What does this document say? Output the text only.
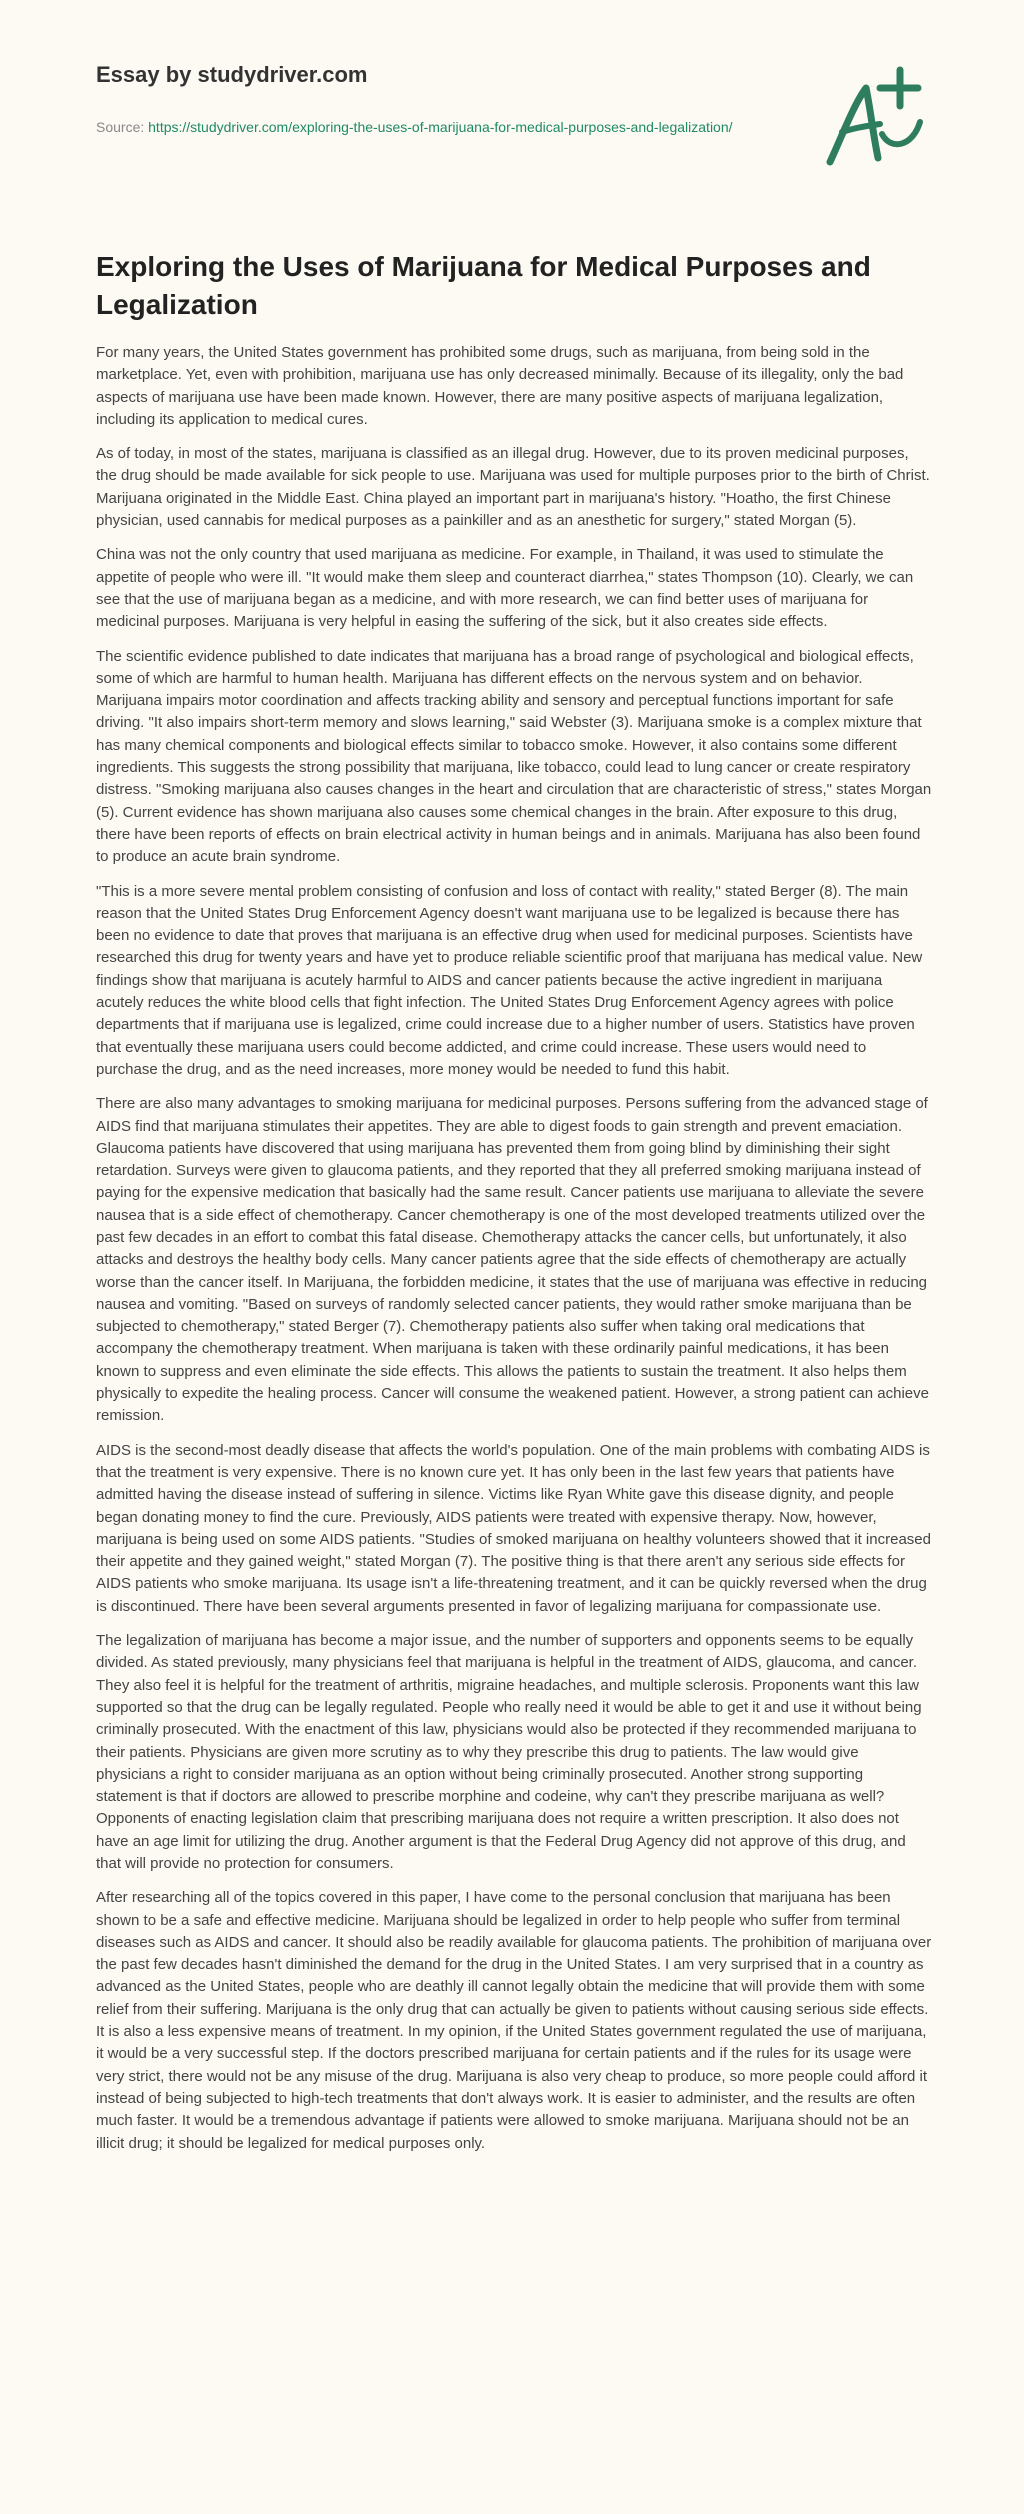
Essay by studydriver.com
Source: https://studydriver.com/exploring-the-uses-of-marijuana-for-medical-purposes-and-legalization/
Exploring the Uses of Marijuana for Medical Purposes and Legalization

For many years, the United States government has prohibited some drugs, such as marijuana, from being sold in the marketplace. Yet, even with prohibition, marijuana use has only decreased minimally. Because of its illegality, only the bad aspects of marijuana use have been made known. However, there are many positive aspects of marijuana legalization, including its application to medical cures.

As of today, in most of the states, marijuana is classified as an illegal drug. However, due to its proven medicinal purposes, the drug should be made available for sick people to use. Marijuana was used for multiple purposes prior to the birth of Christ. Marijuana originated in the Middle East. China played an important part in marijuana's history. "Hoatho, the first Chinese physician, used cannabis for medical purposes as a painkiller and as an anesthetic for surgery," stated Morgan (5).

China was not the only country that used marijuana as medicine. For example, in Thailand, it was used to stimulate the appetite of people who were ill. "It would make them sleep and counteract diarrhea," states Thompson (10). Clearly, we can see that the use of marijuana began as a medicine, and with more research, we can find better uses of marijuana for medicinal purposes. Marijuana is very helpful in easing the suffering of the sick, but it also creates side effects.

The scientific evidence published to date indicates that marijuana has a broad range of psychological and biological effects, some of which are harmful to human health. Marijuana has different effects on the nervous system and on behavior. Marijuana impairs motor coordination and affects tracking ability and sensory and perceptual functions important for safe driving. "It also impairs short-term memory and slows learning," said Webster (3). Marijuana smoke is a complex mixture that has many chemical components and biological effects similar to tobacco smoke. However, it also contains some different ingredients. This suggests the strong possibility that marijuana, like tobacco, could lead to lung cancer or create respiratory distress. "Smoking marijuana also causes changes in the heart and circulation that are characteristic of stress," states Morgan (5). Current evidence has shown marijuana also causes some chemical changes in the brain. After exposure to this drug, there have been reports of effects on brain electrical activity in human beings and in animals. Marijuana has also been found to produce an acute brain syndrome.

"This is a more severe mental problem consisting of confusion and loss of contact with reality," stated Berger (8). The main reason that the United States Drug Enforcement Agency doesn't want marijuana use to be legalized is because there has been no evidence to date that proves that marijuana is an effective drug when used for medicinal purposes. Scientists have researched this drug for twenty years and have yet to produce reliable scientific proof that marijuana has medical value. New findings show that marijuana is acutely harmful to AIDS and cancer patients because the active ingredient in marijuana acutely reduces the white blood cells that fight infection. The United States Drug Enforcement Agency agrees with police departments that if marijuana use is legalized, crime could increase due to a higher number of users. Statistics have proven that eventually these marijuana users could become addicted, and crime could increase. These users would need to purchase the drug, and as the need increases, more money would be needed to fund this habit.

There are also many advantages to smoking marijuana for medicinal purposes. Persons suffering from the advanced stage of AIDS find that marijuana stimulates their appetites. They are able to digest foods to gain strength and prevent emaciation. Glaucoma patients have discovered that using marijuana has prevented them from going blind by diminishing their sight retardation. Surveys were given to glaucoma patients, and they reported that they all preferred smoking marijuana instead of paying for the expensive medication that basically had the same result. Cancer patients use marijuana to alleviate the severe nausea that is a side effect of chemotherapy. Cancer chemotherapy is one of the most developed treatments utilized over the past few decades in an effort to combat this fatal disease. Chemotherapy attacks the cancer cells, but unfortunately, it also attacks and destroys the healthy body cells. Many cancer patients agree that the side effects of chemotherapy are actually worse than the cancer itself. In Marijuana, the forbidden medicine, it states that the use of marijuana was effective in reducing nausea and vomiting. "Based on surveys of randomly selected cancer patients, they would rather smoke marijuana than be subjected to chemotherapy," stated Berger (7). Chemotherapy patients also suffer when taking oral medications that accompany the chemotherapy treatment. When marijuana is taken with these ordinarily painful medications, it has been known to suppress and even eliminate the side effects. This allows the patients to sustain the treatment. It also helps them physically to expedite the healing process. Cancer will consume the weakened patient. However, a strong patient can achieve remission.

AIDS is the second-most deadly disease that affects the world's population. One of the main problems with combating AIDS is that the treatment is very expensive. There is no known cure yet. It has only been in the last few years that patients have admitted having the disease instead of suffering in silence. Victims like Ryan White gave this disease dignity, and people began donating money to find the cure. Previously, AIDS patients were treated with expensive therapy. Now, however, marijuana is being used on some AIDS patients. "Studies of smoked marijuana on healthy volunteers showed that it increased their appetite and they gained weight," stated Morgan (7). The positive thing is that there aren't any serious side effects for AIDS patients who smoke marijuana. Its usage isn't a life-threatening treatment, and it can be quickly reversed when the drug is discontinued. There have been several arguments presented in favor of legalizing marijuana for compassionate use.

The legalization of marijuana has become a major issue, and the number of supporters and opponents seems to be equally divided. As stated previously, many physicians feel that marijuana is helpful in the treatment of AIDS, glaucoma, and cancer. They also feel it is helpful for the treatment of arthritis, migraine headaches, and multiple sclerosis. Proponents want this law supported so that the drug can be legally regulated. People who really need it would be able to get it and use it without being criminally prosecuted. With the enactment of this law, physicians would also be protected if they recommended marijuana to their patients. Physicians are given more scrutiny as to why they prescribe this drug to patients. The law would give physicians a right to consider marijuana as an option without being criminally prosecuted. Another strong supporting statement is that if doctors are allowed to prescribe morphine and codeine, why can't they prescribe marijuana as well? Opponents of enacting legislation claim that prescribing marijuana does not require a written prescription. It also does not have an age limit for utilizing the drug. Another argument is that the Federal Drug Agency did not approve of this drug, and that will provide no protection for consumers.

After researching all of the topics covered in this paper, I have come to the personal conclusion that marijuana has been shown to be a safe and effective medicine. Marijuana should be legalized in order to help people who suffer from terminal diseases such as AIDS and cancer. It should also be readily available for glaucoma patients. The prohibition of marijuana over the past few decades hasn't diminished the demand for the drug in the United States. I am very surprised that in a country as advanced as the United States, people who are deathly ill cannot legally obtain the medicine that will provide them with some relief from their suffering. Marijuana is the only drug that can actually be given to patients without causing serious side effects. It is also a less expensive means of treatment. In my opinion, if the United States government regulated the use of marijuana, it would be a very successful step. If the doctors prescribed marijuana for certain patients and if the rules for its usage were very strict, there would not be any misuse of the drug. Marijuana is also very cheap to produce, so more people could afford it instead of being subjected to high-tech treatments that don't always work. It is easier to administer, and the results are often much faster. It would be a tremendous advantage if patients were allowed to smoke marijuana. Marijuana should not be an illicit drug; it should be legalized for medical purposes only.
